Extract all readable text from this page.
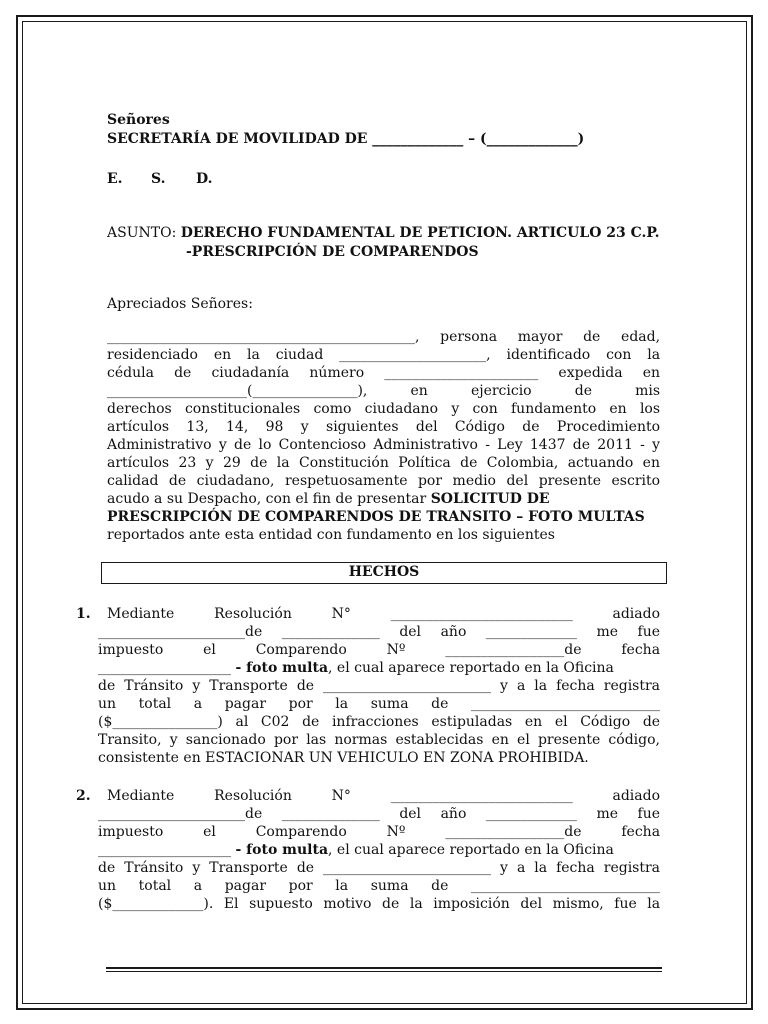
Señores
SECRETARÍA DE MOVILIDAD DE _____________ – (_____________)
E. S. D.
ASUNTO: DERECHO FUNDAMENTAL DE PETICION. ARTICULO 23 C.P.
-PRESCRIPCIÓN DE COMPARENDOS
Apreciados Señores:
____________________________________________, persona mayor de edad,
residenciado en la ciudad _____________________, identificado con la
cédula de ciudadanía número ______________________ expedida en
____________________(_______________),	en	ejercicio	de	mis
derechos constitucionales como ciudadano y con fundamento en los
artículos 13, 14, 98 y siguientes del Código de Procedimiento
Administrativo y de lo Contencioso Administrativo - Ley 1437 de 2011 - y
artículos 23 y 29 de la Constitución Política de Colombia, actuando en
calidad de ciudadano, respetuosamente por medio del presente escrito
acudo a su Despacho, con el fin de presentar SOLICITUD DE
PRESCRIPCIÓN DE COMPARENDOS DE TRANSITO – FOTO MULTAS
reportados ante esta entidad con fundamento en los siguientes
HECHOS
1. Mediante	Resolución	N°	__________________________	adiado
_____________________de ______________ del año _____________ me fue
impuesto	el	Comparendo	Nº	_________________de	fecha
___________________ - foto multa, el cual aparece reportado en la Oficina
de Tránsito y Transporte de ________________________ y a la fecha registra
un total a pagar por la suma de ___________________________
($_______________) al C02 de infracciones estipuladas en el Código de
Transito, y sancionado por las normas establecidas en el presente código,
consistente en ESTACIONAR UN VEHICULO EN ZONA PROHIBIDA.
2. Mediante	Resolución	N°	__________________________	adiado
_____________________de ______________ del año _____________ me fue
impuesto	el	Comparendo	Nº	_________________de	fecha
___________________ - foto multa, el cual aparece reportado en la Oficina
de Tránsito y Transporte de ________________________ y a la fecha registra
un total a pagar por la suma de ___________________________
($_____________). El supuesto motivo de la imposición del mismo, fue la
